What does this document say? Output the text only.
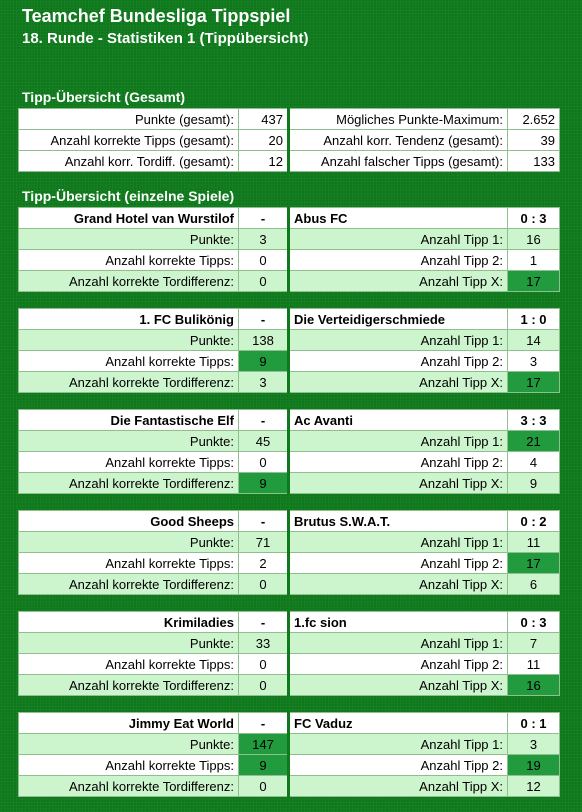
Teamchef Bundesliga Tippspiel
18. Runde - Statistiken 1 (Tippübersicht)
Tipp-Übersicht (Gesamt)
Punkte (gesamt):	437	Mögliches Punkte-Maximum:	2.652
Anzahl korrekte Tipps (gesamt):	20	Anzahl korr. Tendenz (gesamt):	39
Anzahl korr. Tordiff. (gesamt):	12	Anzahl falscher Tipps (gesamt):	133
Tipp-Übersicht (einzelne Spiele)
Grand Hotel van Wurstilof	-	Abus FC	0 : 3
Punkte:	3	Anzahl Tipp 1:	16
Anzahl korrekte Tipps:	0	Anzahl Tipp 2:	1
Anzahl korrekte Tordifferenz:	0	Anzahl Tipp X:	17
1. FC Bulikönig	-	Die Verteidigerschmiede	1 : 0
Punkte:	138	Anzahl Tipp 1:	14
Anzahl korrekte Tipps:	9	Anzahl Tipp 2:	3
Anzahl korrekte Tordifferenz:	3	Anzahl Tipp X:	17
Die Fantastische Elf	-	Ac Avanti	3 : 3
Punkte:	45	Anzahl Tipp 1:	21
Anzahl korrekte Tipps:	0	Anzahl Tipp 2:	4
Anzahl korrekte Tordifferenz:	9	Anzahl Tipp X:	9
Good Sheeps	-	Brutus S.W.A.T.	0 : 2
Punkte:	71	Anzahl Tipp 1:	11
Anzahl korrekte Tipps:	2	Anzahl Tipp 2:	17
Anzahl korrekte Tordifferenz:	0	Anzahl Tipp X:	6
Krimiladies	-	1.fc sion	0 : 3
Punkte:	33	Anzahl Tipp 1:	7
Anzahl korrekte Tipps:	0	Anzahl Tipp 2:	11
Anzahl korrekte Tordifferenz:	0	Anzahl Tipp X:	16
Jimmy Eat World	-	FC Vaduz	0 : 1
Punkte:	147	Anzahl Tipp 1:	3
Anzahl korrekte Tipps:	9	Anzahl Tipp 2:	19
Anzahl korrekte Tordifferenz:	0	Anzahl Tipp X:	12
